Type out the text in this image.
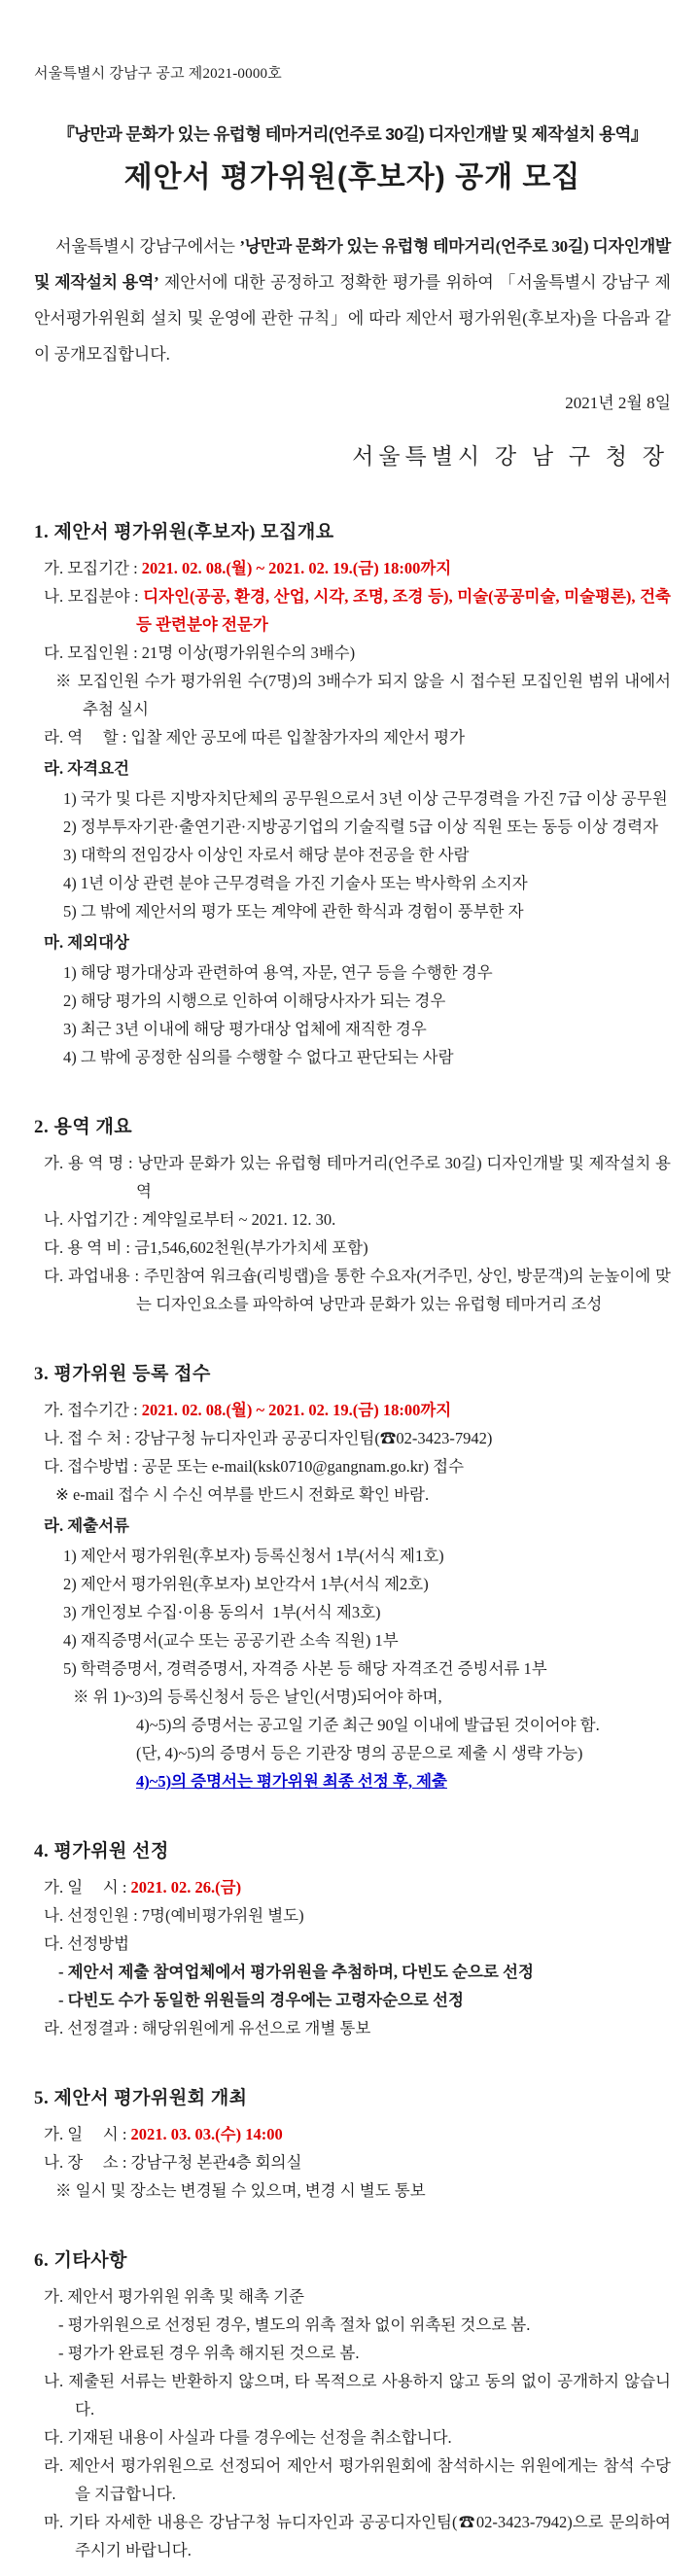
서울특별시 강남구 공고 제2021-0000호
『낭만과 문화가 있는 유럽형 테마거리(언주로 30길) 디자인개발 및 제작설치 용역』
제안서 평가위원(후보자) 공개 모집

서울특별시 강남구에서는 ’낭만과 문화가 있는 유럽형 테마거리(언주로 30길) 디자인개발 및 제작설치 용역’ 제안서에 대한 공정하고 정확한 평가를 위하여 「서울특별시 강남구 제안서평가위원회 설치 및 운영에 관한 규칙」에 따라 제안서 평가위원(후보자)을 다음과 같이 공개모집합니다.

2021년 2월 8일
서울특별시 강 남 구 청 장
1. 제안서 평가위원(후보자) 모집개요
가. 모집기간 : 2021. 02. 08.(월) ~ 2021. 02. 19.(금) 18:00까지
나. 모집분야 : 디자인(공공, 환경, 산업, 시각, 조명, 조경 등), 미술(공공미술, 미술평론), 건축 등 관련분야 전문가
다. 모집인원 : 21명 이상(평가위원수의 3배수)
※ 모집인원 수가 평가위원 수(7명)의 3배수가 되지 않을 시 접수된 모집인원 범위 내에서 추첨 실시
라. 역     할 : 입찰 제안 공모에 따른 입찰참가자의 제안서 평가
라. 자격요건
1) 국가 및 다른 지방자치단체의 공무원으로서 3년 이상 근무경력을 가진 7급 이상 공무원
2) 정부투자기관·출연기관·지방공기업의 기술직렬 5급 이상 직원 또는 동등 이상 경력자
3) 대학의 전임강사 이상인 자로서 해당 분야 전공을 한 사람
4) 1년 이상 관련 분야 근무경력을 가진 기술사 또는 박사학위 소지자
5) 그 밖에 제안서의 평가 또는 계약에 관한 학식과 경험이 풍부한 자
마. 제외대상
1) 해당 평가대상과 관련하여 용역, 자문, 연구 등을 수행한 경우
2) 해당 평가의 시행으로 인하여 이해당사자가 되는 경우
3) 최근 3년 이내에 해당 평가대상 업체에 재직한 경우
4) 그 밖에 공정한 심의를 수행할 수 없다고 판단되는 사람
2. 용역 개요
가. 용 역 명 : 낭만과 문화가 있는 유럽형 테마거리(언주로 30길) 디자인개발 및 제작설치 용역
나. 사업기간 : 계약일로부터 ~ 2021. 12. 30.
다. 용 역 비 : 금1,546,602천원(부가가치세 포함)
다. 과업내용 : 주민참여 워크숍(리빙랩)을 통한 수요자(거주민, 상인, 방문객)의 눈높이에 맞는 디자인요소를 파악하여 낭만과 문화가 있는 유럽형 테마거리 조성
3. 평가위원 등록 접수
가. 접수기간 : 2021. 02. 08.(월) ~ 2021. 02. 19.(금) 18:00까지
나. 접 수 처 : 강남구청 뉴디자인과 공공디자인팀(☎02-3423-7942)
다. 접수방법 : 공문 또는 e-mail(ksk0710@gangnam.go.kr) 접수
※ e-mail 접수 시 수신 여부를 반드시 전화로 확인 바람.
라. 제출서류
1) 제안서 평가위원(후보자) 등록신청서 1부(서식 제1호)
2) 제안서 평가위원(후보자) 보안각서 1부(서식 제2호)
3) 개인정보 수집·이용 동의서  1부(서식 제3호)
4) 재직증명서(교수 또는 공공기관 소속 직원) 1부
5) 학력증명서, 경력증명서, 자격증 사본 등 해당 자격조건 증빙서류 1부
※ 위 1)~3)의 등록신청서 등은 날인(서명)되어야 하며,
4)~5)의 증명서는 공고일 기준 최근 90일 이내에 발급된 것이어야 함.
(단, 4)~5)의 증명서 등은 기관장 명의 공문으로 제출 시 생략 가능)
4)~5)의 증명서는 평가위원 최종 선정 후, 제출
4. 평가위원 선정
가. 일     시 : 2021. 02. 26.(금)
나. 선정인원 : 7명(예비평가위원 별도)
다. 선정방법
- 제안서 제출 참여업체에서 평가위원을 추첨하며, 다빈도 순으로 선정
- 다빈도 수가 동일한 위원들의 경우에는 고령자순으로 선정
라. 선정결과 : 해당위원에게 유선으로 개별 통보
5. 제안서 평가위원회 개최
가. 일     시 : 2021. 03. 03.(수) 14:00
나. 장     소 : 강남구청 본관4층 회의실
※ 일시 및 장소는 변경될 수 있으며, 변경 시 별도 통보
6. 기타사항
가. 제안서 평가위원 위촉 및 해촉 기준
- 평가위원으로 선정된 경우, 별도의 위촉 절차 없이 위촉된 것으로 봄.
- 평가가 완료된 경우 위촉 해지된 것으로 봄.
나. 제출된 서류는 반환하지 않으며, 타 목적으로 사용하지 않고 동의 없이 공개하지 않습니다.
다. 기재된 내용이 사실과 다를 경우에는 선정을 취소합니다.
라. 제안서 평가위원으로 선정되어 제안서 평가위원회에 참석하시는 위원에게는 참석 수당을 지급합니다.
마. 기타 자세한 내용은 강남구청 뉴디자인과 공공디자인팀(☎02-3423-7942)으로 문의하여 주시기 바랍니다.
